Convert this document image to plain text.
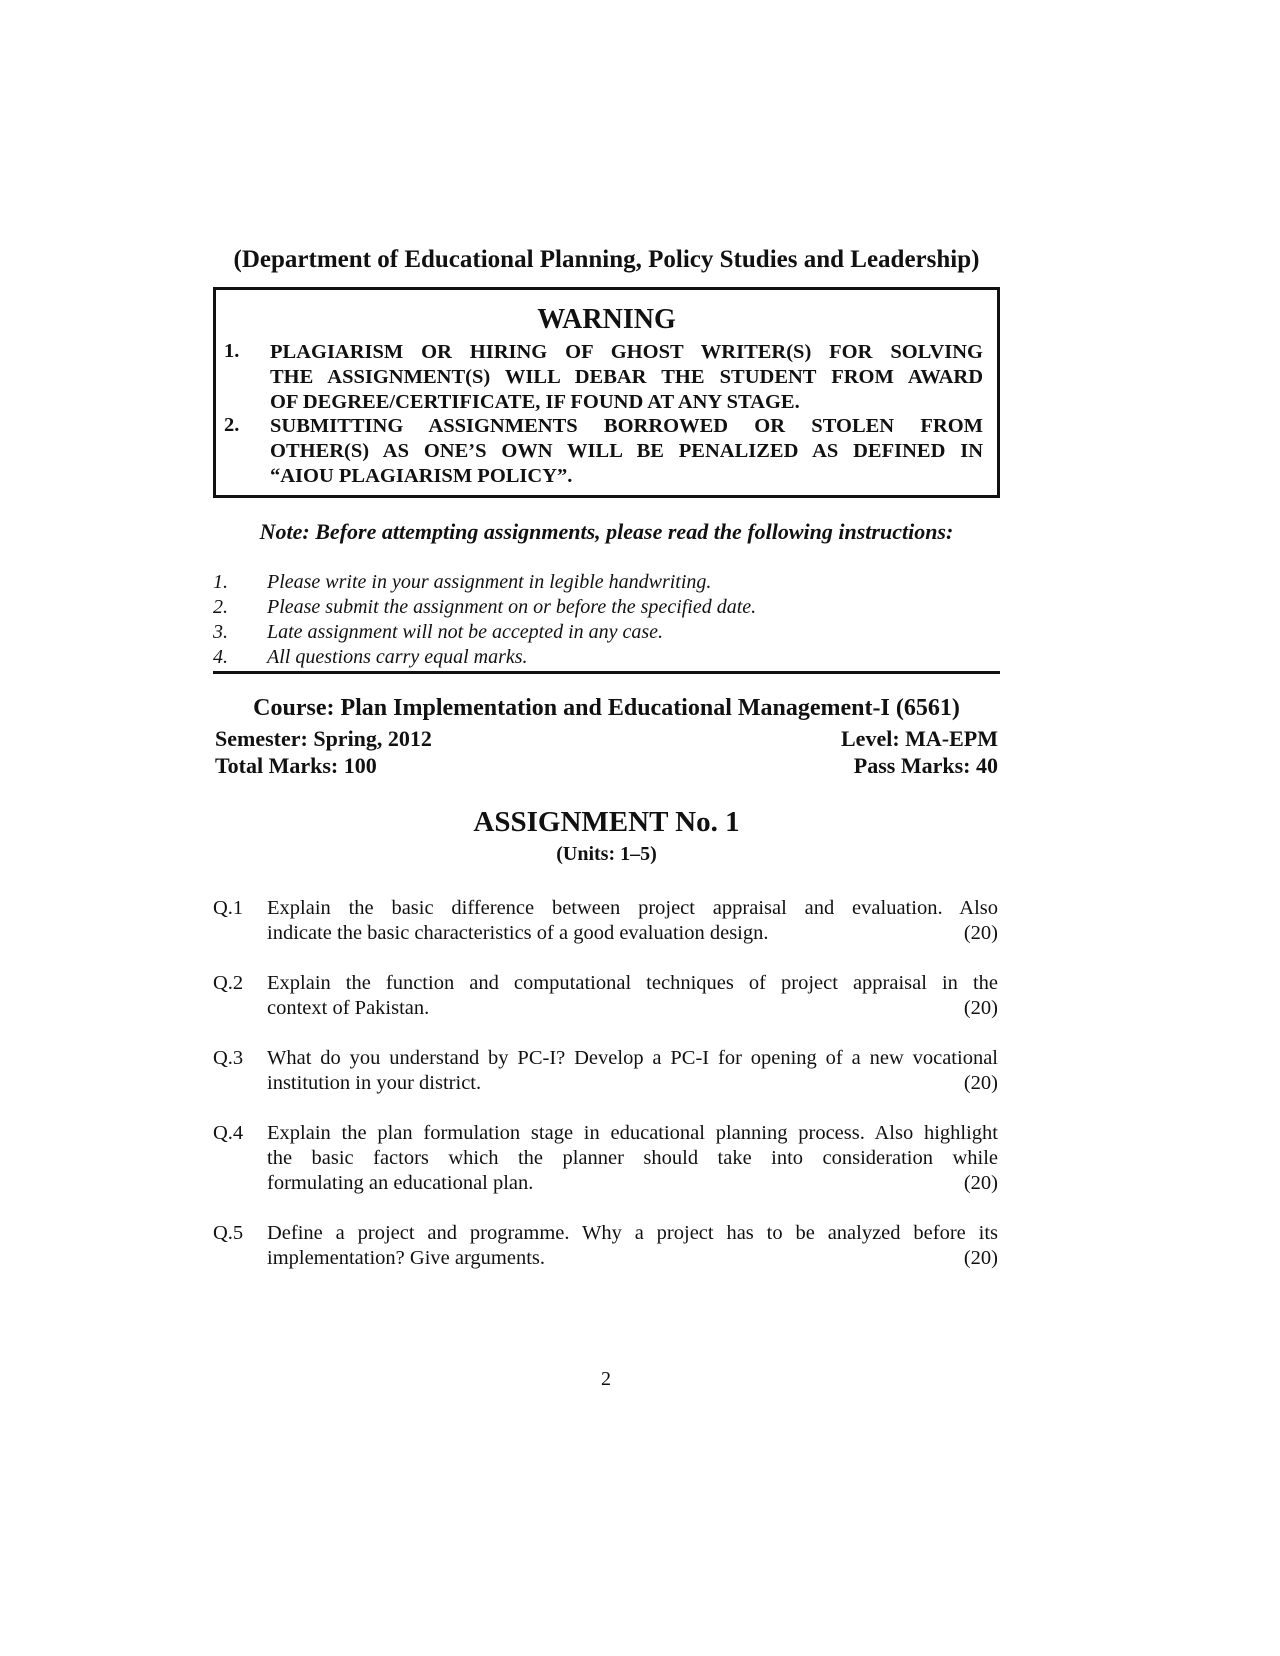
(Department of Educational Planning, Policy Studies and Leadership)
WARNING
1. PLAGIARISM OR HIRING OF GHOST WRITER(S) FOR SOLVING
THE ASSIGNMENT(S) WILL DEBAR THE STUDENT FROM AWARD
OF DEGREE/CERTIFICATE, IF FOUND AT ANY STAGE.
2. SUBMITTING ASSIGNMENTS BORROWED OR STOLEN FROM
OTHER(S) AS ONE’S OWN WILL BE PENALIZED AS DEFINED IN
“AIOU PLAGIARISM POLICY”.
Note: Before attempting assignments, please read the following instructions:
1. Please write in your assignment in legible handwriting.
2. Please submit the assignment on or before the specified date.
3. Late assignment will not be accepted in any case.
4. All questions carry equal marks.
Course: Plan Implementation and Educational Management-I (6561)
Semester: Spring, 2012	Level: MA-EPM
Total Marks: 100	Pass Marks: 40
ASSIGNMENT No. 1
(Units: 1–5)
Q.1 Explain the basic difference between project appraisal and evaluation. Also
indicate the basic characteristics of a good evaluation design.	(20)
Q.2 Explain the function and computational techniques of project appraisal in the
context of Pakistan.	(20)
Q.3 What do you understand by PC-I? Develop a PC-I for opening of a new vocational
institution in your district.	(20)
Q.4 Explain the plan formulation stage in educational planning process. Also highlight
the basic factors which the planner should take into consideration while
formulating an educational plan.	(20)
Q.5 Define a project and programme. Why a project has to be analyzed before its
implementation? Give arguments.	(20)
2
